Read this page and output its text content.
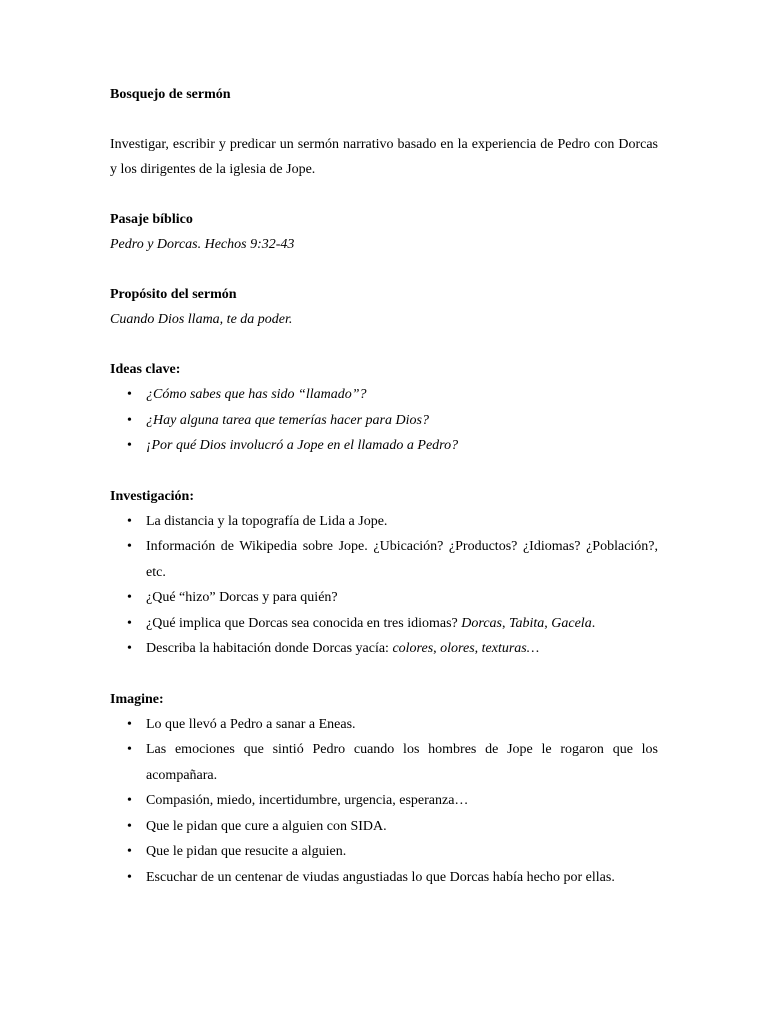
Bosquejo de sermón

Investigar, escribir y predicar un sermón narrativo basado en la experiencia de Pedro con Dorcas y los dirigentes de la iglesia de Jope.

Pasaje bíblico

Pedro y Dorcas. Hechos 9:32-43

Propósito del sermón

Cuando Dios llama, te da poder.

Ideas clave:

• ¿Cómo sabes que has sido “llamado”?
• ¿Hay alguna tarea que temerías hacer para Dios?
• ¡Por qué Dios involucró a Jope en el llamado a Pedro?

Investigación:

• La distancia y la topografía de Lida a Jope.
• Información de Wikipedia sobre Jope. ¿Ubicación? ¿Productos? ¿Idiomas? ¿Población?, etc.
• ¿Qué “hizo” Dorcas y para quién?
• ¿Qué implica que Dorcas sea conocida en tres idiomas? Dorcas, Tabita, Gacela.
• Describa la habitación donde Dorcas yacía: colores, olores, texturas…

Imagine:

• Lo que llevó a Pedro a sanar a Eneas.
• Las emociones que sintió Pedro cuando los hombres de Jope le rogaron que los acompañara.
• Compasión, miedo, incertidumbre, urgencia, esperanza…
• Que le pidan que cure a alguien con SIDA.
• Que le pidan que resucite a alguien.
• Escuchar de un centenar de viudas angustiadas lo que Dorcas había hecho por ellas.
